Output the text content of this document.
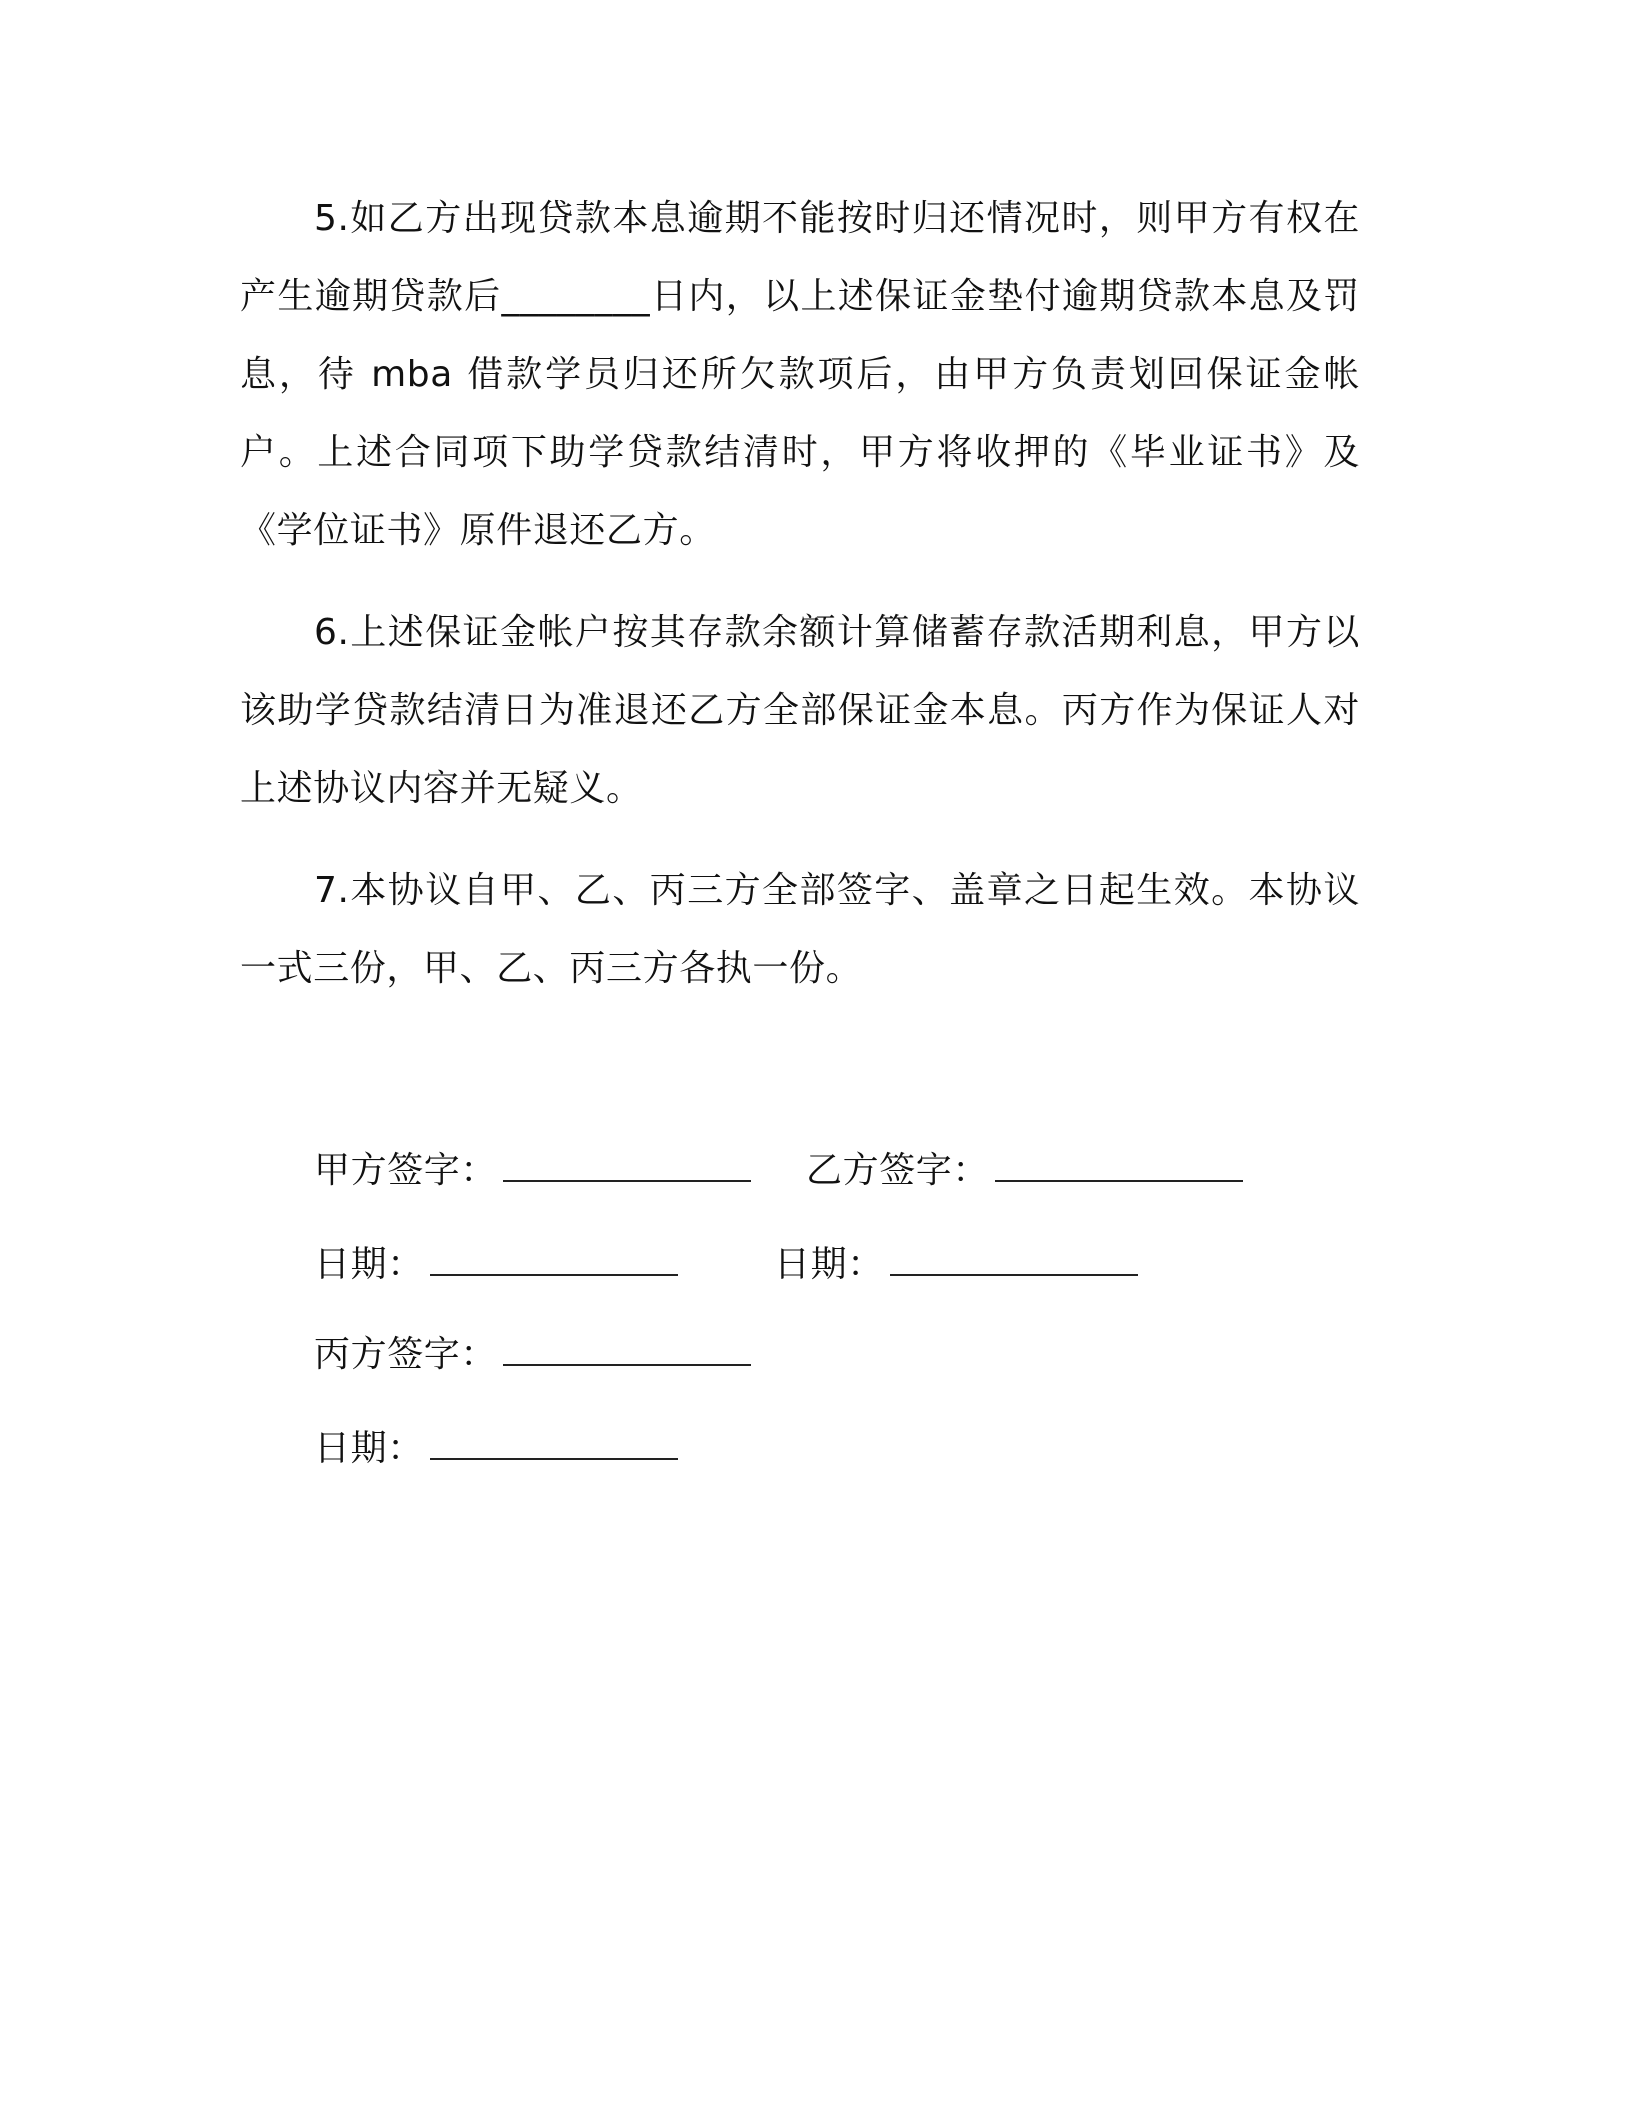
5.如乙方出现贷款本息逾期不能按时归还情况时，则甲方有权在产生逾期贷款后________日内，以上述保证金垫付逾期贷款本息及罚息，待 mba 借款学员归还所欠款项后，由甲方负责划回保证金帐户。上述合同项下助学贷款结清时，甲方将收押的《毕业证书》及《学位证书》原件退还乙方。

6.上述保证金帐户按其存款余额计算储蓄存款活期利息，甲方以该助学贷款结清日为准退还乙方全部保证金本息。丙方作为保证人对上述协议内容并无疑义。

7.本协议自甲、乙、丙三方全部签字、盖章之日起生效。本协议一式三份，甲、乙、丙三方各执一份。

甲方签字：	乙方签字：
日期：	日期：
丙方签字：
日期：
